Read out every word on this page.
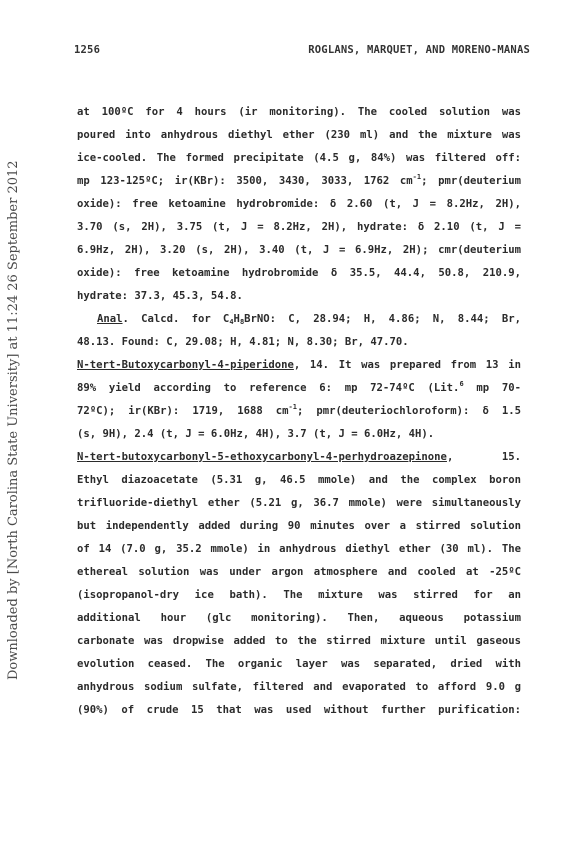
1256	ROGLANS, MARQUET, AND MORENO-MANAS
Downloaded by [North Carolina State University] at 11:24 26 September 2012
at 100ºC for 4 hours (ir monitoring). The cooled solution was
poured into anhydrous diethyl ether (230 ml) and the mixture was
ice-cooled. The formed precipitate (4.5 g, 84%) was filtered off:
mp 123-125ºC; ir(KBr): 3500, 3430, 3033, 1762 $cm^{-1}$; pmr(deuterium
oxide): free ketoamine hydrobromide: δ 2.60 (t, J = 8.2Hz, 2H),
3.70 (s, 2H), 3.75 (t, J = 8.2Hz, 2H), hydrate: δ 2.10 (t, J =
6.9Hz, 2H), 3.20 (s, 2H), 3.40 (t, J = 6.9Hz, 2H); cmr(deuterium
oxide): free ketoamine hydrobromide δ 35.5, 44.4, 50.8, 210.9,
hydrate: 37.3, 45.3, 54.8.
Anal. Calcd. for $C_4H_8BrNO$: C, 28.94; H, 4.86; N, 8.44; Br,
48.13. Found: C, 29.08; H, 4.81; N, 8.30; Br, 47.70.
N-tert-Butoxycarbonyl-4-piperidone, 14. It was prepared from 13 in
89% yield according to reference 6: mp 72-74ºC (Lit.$^6$ mp 70-
72ºC); ir(KBr): 1719, 1688 $cm^{-1}$; pmr(deuteriochloroform): δ 1.5
(s, 9H), 2.4 (t, J = 6.0Hz, 4H), 3.7 (t, J = 6.0Hz, 4H).
N-tert-butoxycarbonyl-5-ethoxycarbonyl-4-perhydroazepinone, 15.
Ethyl diazoacetate (5.31 g, 46.5 mmole) and the complex boron
trifluoride-diethyl ether (5.21 g, 36.7 mmole) were simultaneously
but independently added during 90 minutes over a stirred solution
of 14 (7.0 g, 35.2 mmole) in anhydrous diethyl ether (30 ml). The
ethereal solution was under argon atmosphere and cooled at -25ºC
(isopropanol-dry ice bath). The mixture was stirred for an
additional hour (glc monitoring). Then, aqueous potassium
carbonate was dropwise added to the stirred mixture until gaseous
evolution ceased. The organic layer was separated, dried with
anhydrous sodium sulfate, filtered and evaporated to afford 9.0 g
(90%) of crude 15 that was used without further purification:
